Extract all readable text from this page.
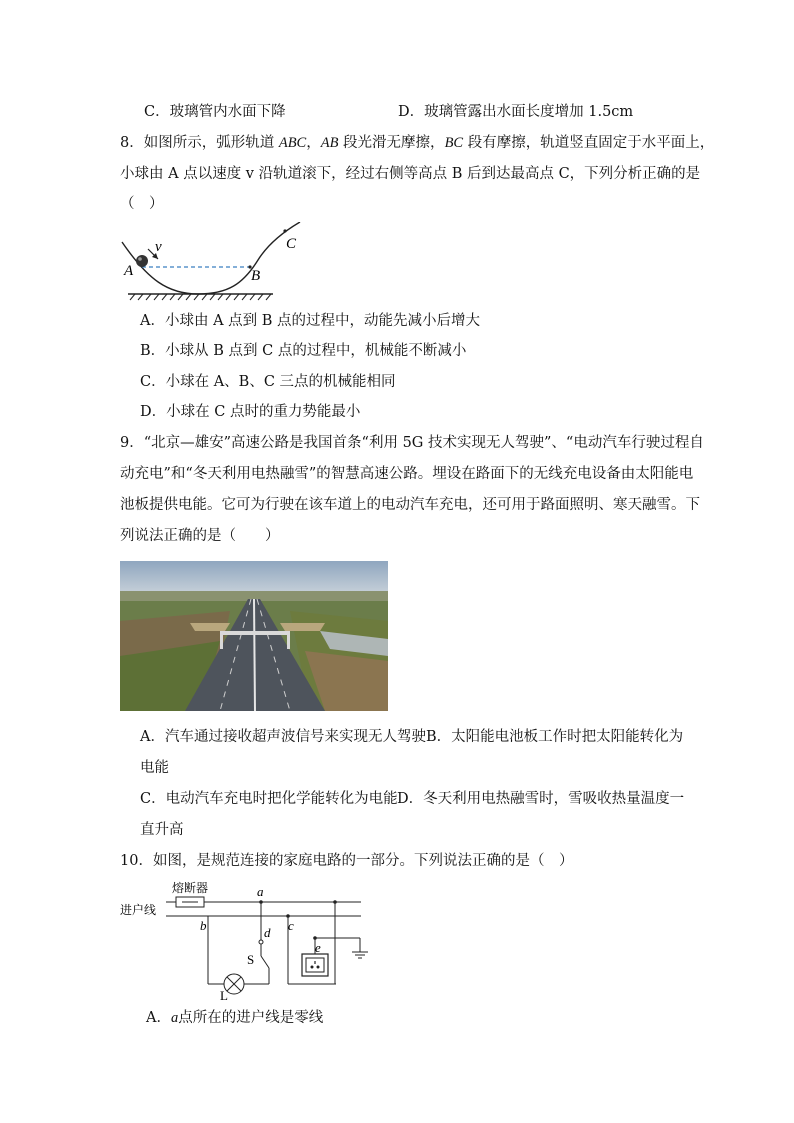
C．玻璃管内水面下降	D．玻璃管露出水面长度增加 1.5cm
8．如图所示，弧形轨道 ABC，AB 段光滑无摩擦，BC 段有摩擦，轨道竖直固定于水平面上，
小球由 A 点以速度 v 沿轨道滚下，经过右侧等高点 B 后到达最高点 C，下列分析正确的是
（　）
v
A	B
C
A．小球由 A 点到 B 点的过程中，动能先减小后增大
B．小球从 B 点到 C 点的过程中，机械能不断减小
C．小球在 A、B、C 三点的机械能相同
D．小球在 C 点时的重力势能最小
9．“北京—雄安”高速公路是我国首条“利用 5G 技术实现无人驾驶”、“电动汽车行驶过程自
动充电”和“冬天利用电热融雪”的智慧高速公路。埋设在路面下的无线充电设备由太阳能电
池板提供电能。它可为行驶在该车道上的电动汽车充电，还可用于路面照明、寒天融雪。下
列说法正确的是（　　）
A．汽车通过接收超声波信号来实现无人驾驶 B．太阳能电池板工作时把太阳能转化为
电能
C．电动汽车充电时把化学能转化为电能 D．冬天利用电热融雪时，雪吸收热量温度一
直升高
10．如图，是规范连接的家庭电路的一部分。下列说法正确的是（　）
熔断器
进户线
a
b	c
d
e
S
L
A．a点所在的进户线是零线
